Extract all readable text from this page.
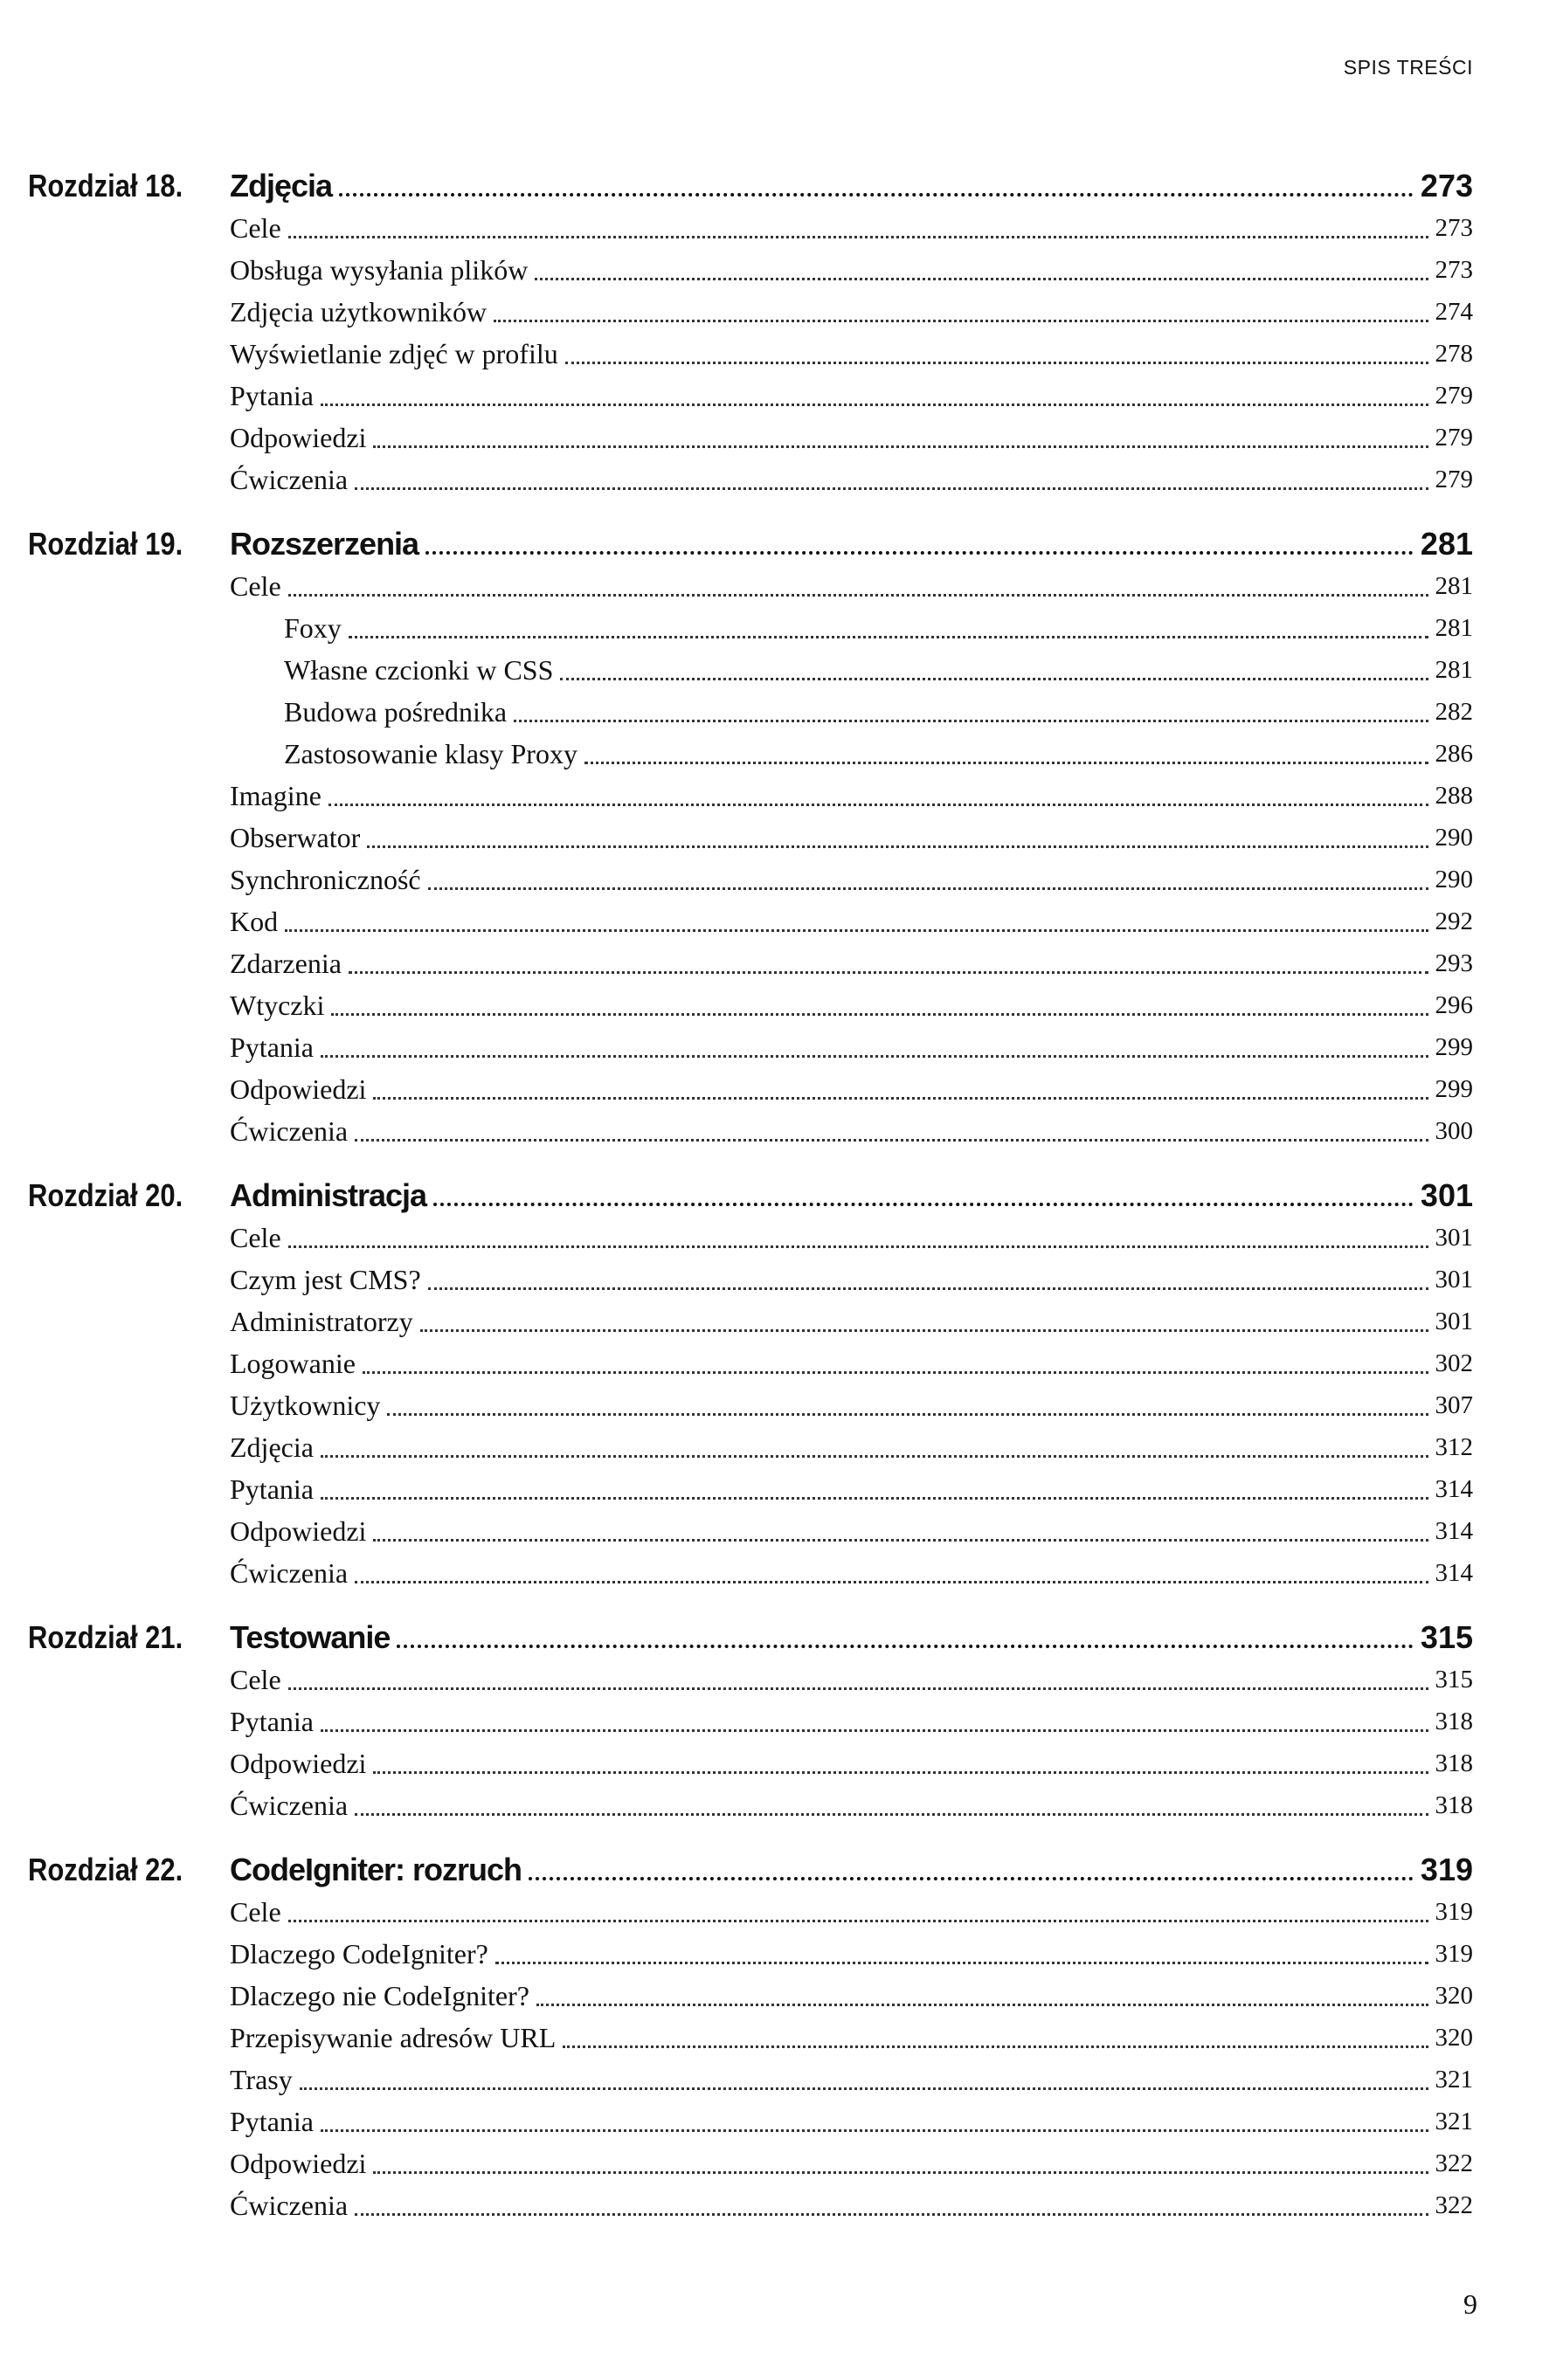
SPIS TREŚCI
Rozdział 18.	Zdjęcia	273
Cele	273
Obsługa wysyłania plików	273
Zdjęcia użytkowników	274
Wyświetlanie zdjęć w profilu	278
Pytania	279
Odpowiedzi	279
Ćwiczenia	279
Rozdział 19.	Rozszerzenia	281
Cele	281
Foxy	281
Własne czcionki w CSS	281
Budowa pośrednika	282
Zastosowanie klasy Proxy	286
Imagine	288
Obserwator	290
Synchroniczność	290
Kod	292
Zdarzenia	293
Wtyczki	296
Pytania	299
Odpowiedzi	299
Ćwiczenia	300
Rozdział 20.	Administracja	301
Cele	301
Czym jest CMS?	301
Administratorzy	301
Logowanie	302
Użytkownicy	307
Zdjęcia	312
Pytania	314
Odpowiedzi	314
Ćwiczenia	314
Rozdział 21.	Testowanie	315
Cele	315
Pytania	318
Odpowiedzi	318
Ćwiczenia	318
Rozdział 22.	CodeIgniter: rozruch	319
Cele	319
Dlaczego CodeIgniter?	319
Dlaczego nie CodeIgniter?	320
Przepisywanie adresów URL	320
Trasy	321
Pytania	321
Odpowiedzi	322
Ćwiczenia	322
9
